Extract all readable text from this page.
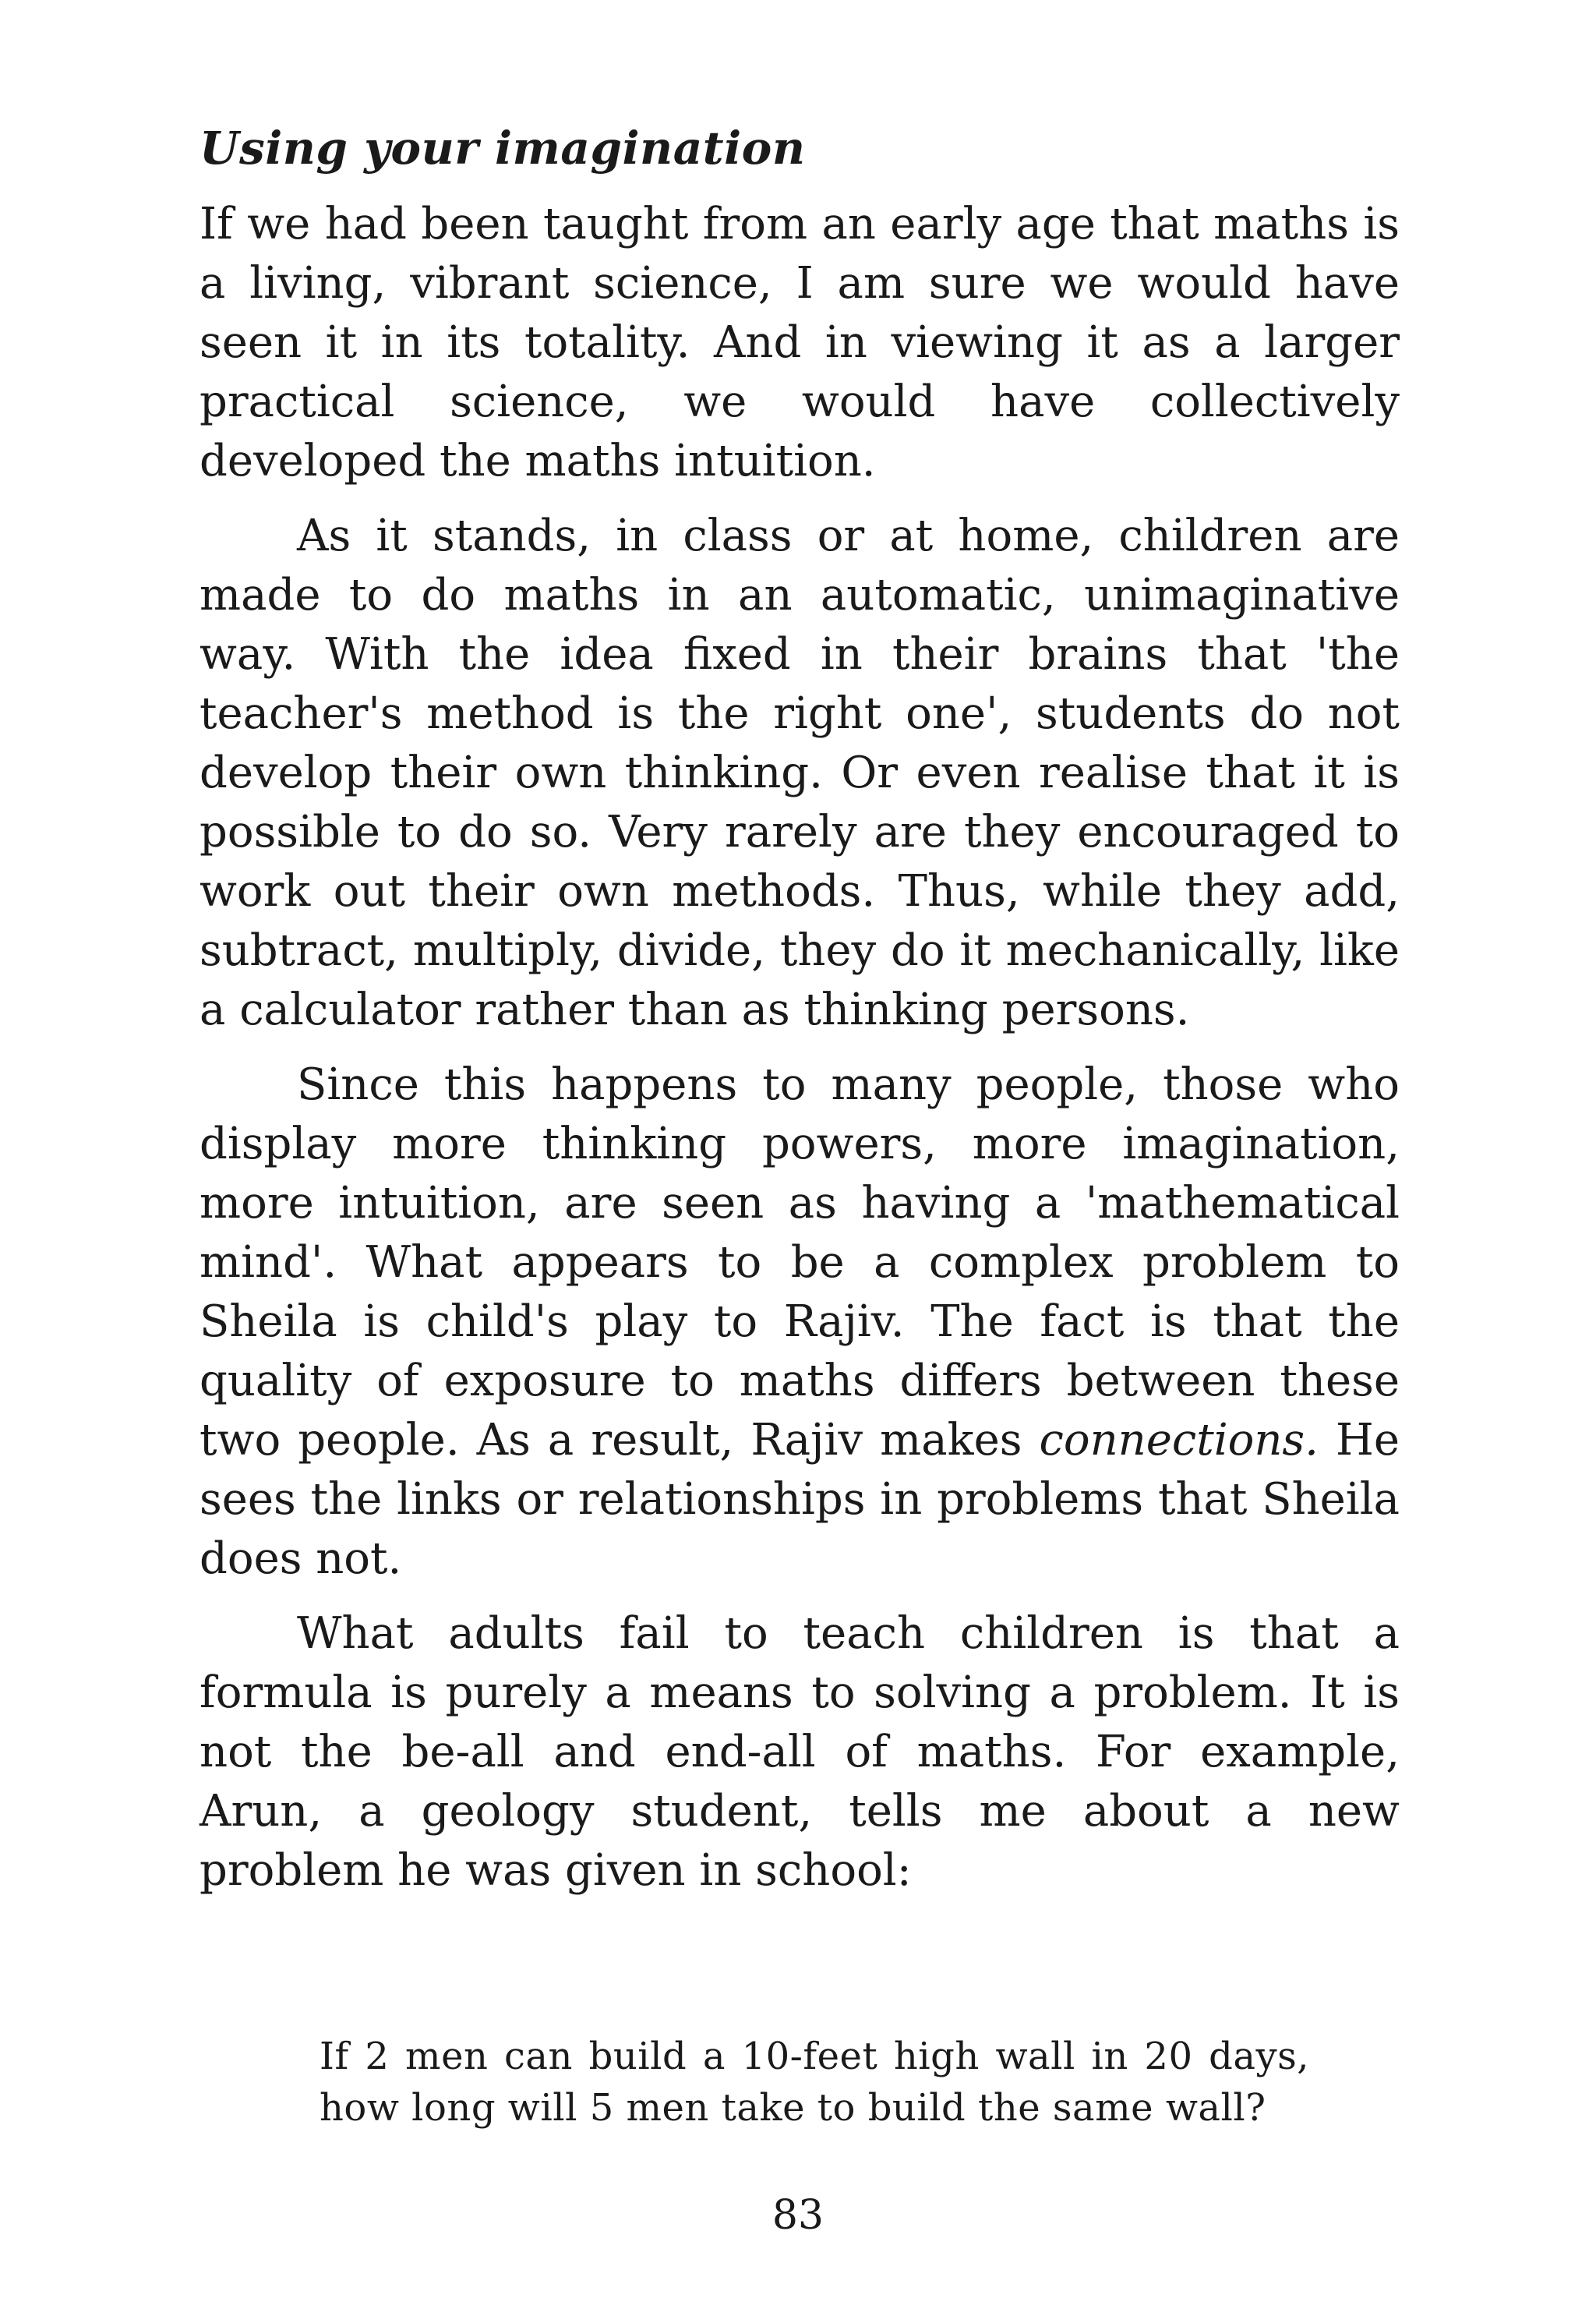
Using your imagination

If we had been taught from an early age that maths is a living, vibrant science, I am sure we would have seen it in its totality. And in viewing it as a larger practical science, we would have collectively developed the maths intuition.

As it stands, in class or at home, children are made to do maths in an automatic, unimaginative way. With the idea fixed in their brains that 'the teacher's method is the right one', students do not develop their own thinking. Or even realise that it is possible to do so. Very rarely are they encouraged to work out their own methods. Thus, while they add, subtract, multiply, divide, they do it mechanically, like a calculator rather than as thinking persons.

Since this happens to many people, those who display more thinking powers, more imagination, more intuition, are seen as having a 'mathematical mind'. What appears to be a complex problem to Sheila is child's play to Rajiv. The fact is that the quality of exposure to maths differs between these two people. As a result, Rajiv makes connections. He sees the links or relationships in problems that Sheila does not.

What adults fail to teach children is that a formula is purely a means to solving a problem. It is not the be-all and end-all of maths. For example, Arun, a geology student, tells me about a new problem he was given in school:

If 2 men can build a 10-feet high wall in 20 days, how long will 5 men take to build the same wall?

83
